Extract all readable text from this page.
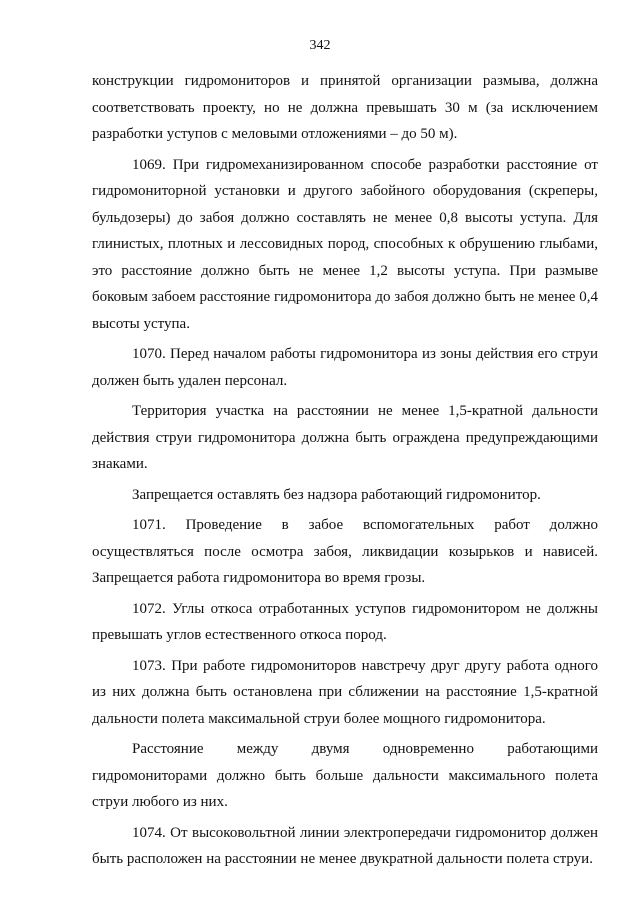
342

конструкции гидромониторов и принятой организации размыва, должна соответствовать проекту, но не должна превышать 30 м (за исключением разработки уступов с меловыми отложениями – до 50 м).

1069. При гидромеханизированном способе разработки расстояние от гидромониторной установки и другого забойного оборудования (скреперы, бульдозеры) до забоя должно составлять не менее 0,8 высоты уступа. Для глинистых, плотных и лессовидных пород, способных к обрушению глыбами, это расстояние должно быть не менее 1,2 высоты уступа. При размыве боковым забоем расстояние гидромонитора до забоя должно быть не менее 0,4 высоты уступа.

1070. Перед началом работы гидромонитора из зоны действия его струи должен быть удален персонал.

Территория участка на расстоянии не менее 1,5-кратной дальности действия струи гидромонитора должна быть ограждена предупреждающими знаками.

Запрещается оставлять без надзора работающий гидромонитор.

1071. Проведение в забое вспомогательных работ должно осуществляться после осмотра забоя, ликвидации козырьков и нависей. Запрещается работа гидромонитора во время грозы.

1072. Углы откоса отработанных уступов гидромонитором не должны превышать углов естественного откоса пород.

1073. При работе гидромониторов навстречу друг другу работа одного из них должна быть остановлена при сближении на расстояние 1,5-кратной дальности полета максимальной струи более мощного гидромонитора.

Расстояние между двумя одновременно работающими гидромониторами должно быть больше дальности максимального полета струи любого из них.

1074. От высоковольтной линии электропередачи гидромонитор должен быть расположен на расстоянии не менее двукратной дальности полета струи.
